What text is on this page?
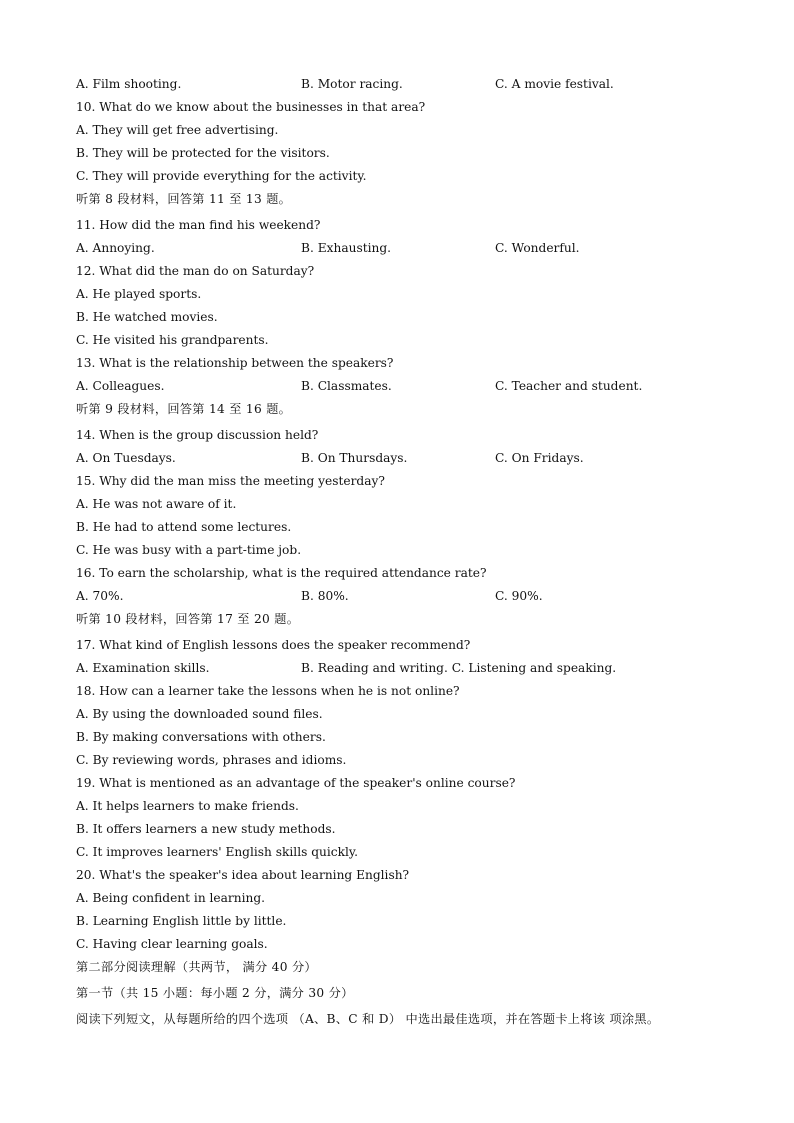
A. Film shooting.	B. Motor racing.	C. A movie festival.
10. What do we know about the businesses in that area?
A. They will get free advertising.
B. They will be protected for the visitors.
C. They will provide everything for the activity.
听第 8 段材料，回答第 11 至 13 题。
11. How did the man find his weekend?
A. Annoying.	B. Exhausting.	C. Wonderful.
12. What did the man do on Saturday?
A. He played sports.
B. He watched movies.
C. He visited his grandparents.
13. What is the relationship between the speakers?
A. Colleagues.	B. Classmates.	C. Teacher and student.
听第 9 段材料，回答第 14 至 16 题。
14. When is the group discussion held?
A. On Tuesdays.	B. On Thursdays.	C. On Fridays.
15. Why did the man miss the meeting yesterday?
A. He was not aware of it.
B. He had to attend some lectures.
C. He was busy with a part-time job.
16. To earn the scholarship, what is the required attendance rate?
A. 70%.	B. 80%.	C. 90%.
听第 10 段材料，回答第 17 至 20 题。
17. What kind of English lessons does the speaker recommend?
A. Examination skills.	B. Reading and writing. C. Listening and speaking.
18. How can a learner take the lessons when he is not online?
A. By using the downloaded sound files.
B. By making conversations with others.
C. By reviewing words, phrases and idioms.
19. What is mentioned as an advantage of the speaker's online course?
A. It helps learners to make friends.
B. It offers learners a new study methods.
C. It improves learners' English skills quickly.
20. What's the speaker's idea about learning English?
A. Being confident in learning.
B. Learning English little by little.
C. Having clear learning goals.
第二部分阅读理解（共两节， 满分 40 分）
第一节（共 15 小题：每小题 2 分，满分 30 分）
阅读下列短文，从每题所给的四个选项 （A、B、C 和 D） 中选出最佳选项，并在答题卡上将该 项涂黑。
